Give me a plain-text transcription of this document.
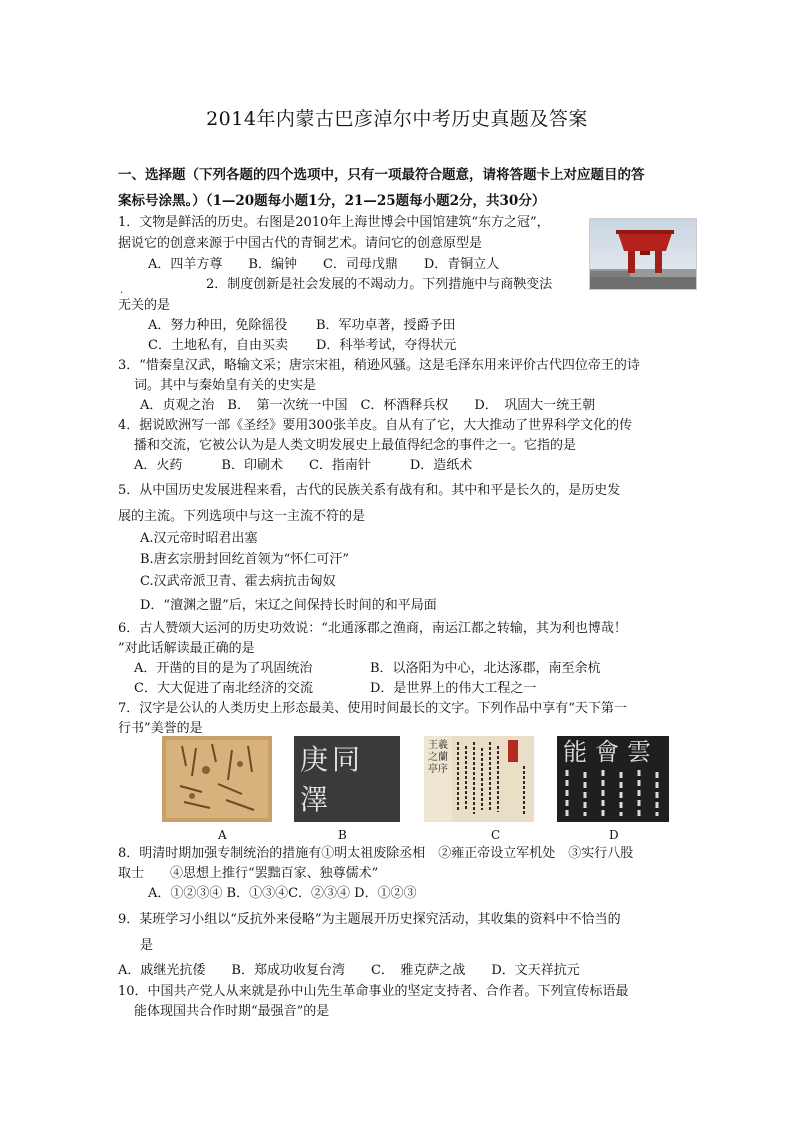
2014年内蒙古巴彦淖尔中考历史真题及答案
一、选择题（下列各题的四个选项中，只有一项最符合题意，请将答题卡上对应题目的答
案标号涂黑。）（1—20题每小题1分，21—25题每小题2分，共30分）
1．文物是鲜活的历史。右图是2010年上海世博会中国馆建筑“东方之冠”，
据说它的创意来源于中国古代的青铜艺术。请问它的创意原型是
A．四羊方尊　　B．编钟　　C．司母戊鼎　　D．青铜立人
.	2．制度创新是社会发展的不竭动力。下列措施中与商鞅变法
无关的是
A．努力种田，免除徭役 B．军功卓著，授爵予田
C．土地私有，自由买卖 D．科举考试，夺得状元
3．“惜秦皇汉武，略输文采；唐宗宋祖，稍逊风骚。这是毛泽东用来评价古代四位帝王的诗
词。其中与秦始皇有关的史实是
A．贞观之治　B．　第一次统一中国　C．杯酒释兵权　　D．　巩固大一统王朝
4．据说欧洲写一部《圣经》要用300张羊皮。自从有了它，大大推动了世界科学文化的传
播和交流，它被公认为是人类文明发展史上最值得纪念的事件之一。它指的是
A．火药　　　B．印刷术　　C．指南针　　　D．造纸术
5．从中国历史发展进程来看，古代的民族关系有战有和。其中和平是长久的，是历史发
展的主流。下列选项中与这一主流不符的是
A.汉元帝时昭君出塞
B.唐玄宗册封回纥首领为“怀仁可汗”
C.汉武帝派卫青、霍去病抗击匈奴
D．“澶渊之盟”后，宋辽之间保持长时间的和平局面
6．古人赞颂大运河的历史功效说：“北通涿郡之渔商，南运江都之转输，其为利也博哉！
”对此话解读最正确的是
A．开凿的目的是为了巩固统治	B．以洛阳为中心，北达涿郡，南至余杭
C．大大促进了南北经济的交流	D．是世界上的伟大工程之一
7．汉字是公认的人类历史上形态最美、使用时间最长的文字。下列作品中享有“天下第一
行书”美誉的是
庚同澤
王羲之蘭亭序
能會雲
A	B	C	D
8．明清时期加强专制统治的措施有①明太祖废除丞相　②雍正帝设立军机处　③实行八股
取士　　④思想上推行“罢黜百家、独尊儒术”
A．①②③④ B．①③④C．②③④ D．①②③
9．某班学习小组以“反抗外来侵略”为主题展开历史探究活动，其收集的资料中不恰当的
是
A．戚继光抗倭　　B．郑成功收复台湾　　C．　雅克萨之战　　D．文天祥抗元
10．中国共产党人从来就是孙中山先生革命事业的坚定支持者、合作者。下列宣传标语最
能体现国共合作时期“最强音”的是
